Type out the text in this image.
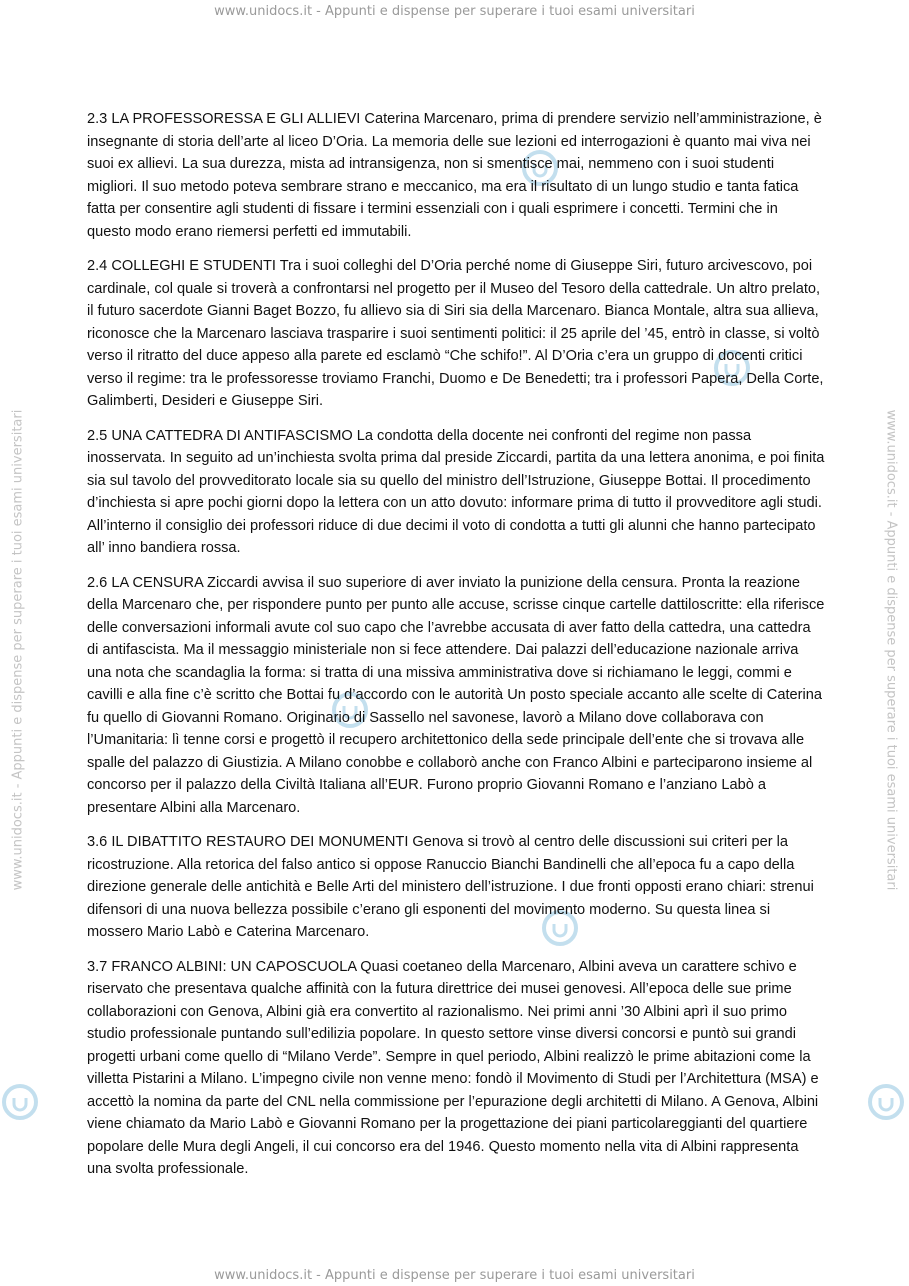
www.unidocs.it - Appunti e dispense per superare i tuoi esami universitari
www.unidocs.it - Appunti e dispense per superare i tuoi esami universitari	www.unidocs.it - Appunti e dispense per superare i tuoi esami universitari

2.3 LA PROFESSORESSA E GLI ALLIEVI Caterina Marcenaro, prima di prendere servizio nell’amministrazione, è insegnante di storia dell’arte al liceo D’Oria. La memoria delle sue lezioni ed interrogazioni è quanto mai viva nei suoi ex allievi. La sua durezza, mista ad intransigenza, non si smentisce mai, nemmeno con i suoi studenti migliori. Il suo metodo poteva sembrare strano e meccanico, ma era il risultato di un lungo studio e tanta fatica fatta per consentire agli studenti di fissare i termini essenziali con i quali esprimere i concetti. Termini che in questo modo erano riemersi perfetti ed immutabili.

2.4 COLLEGHI E STUDENTI Tra i suoi colleghi del D’Oria perché nome di Giuseppe Siri, futuro arcivescovo, poi cardinale, col quale si troverà a confrontarsi nel progetto per il Museo del Tesoro della cattedrale. Un altro prelato, il futuro sacerdote Gianni Baget Bozzo, fu allievo sia di Siri sia della Marcenaro. Bianca Montale, altra sua allieva, riconosce che la Marcenaro lasciava trasparire i suoi sentimenti politici: il 25 aprile del ’45, entrò in classe, si voltò verso il ritratto del duce appeso alla parete ed esclamò “Che schifo!”. Al D’Oria c’era un gruppo di docenti critici verso il regime: tra le professoresse troviamo Franchi, Duomo e De Benedetti; tra i professori Papera, Della Corte, Galimberti, Desideri e Giuseppe Siri.

2.5 UNA CATTEDRA DI ANTIFASCISMO La condotta della docente nei confronti del regime non passa inosservata. In seguito ad un’inchiesta svolta prima dal preside Ziccardi, partita da una lettera anonima, e poi finita sia sul tavolo del provveditorato locale sia su quello del ministro dell’Istruzione, Giuseppe Bottai. Il procedimento d’inchiesta si apre pochi giorni dopo la lettera con un atto dovuto: informare prima di tutto il provveditore agli studi. All’interno il consiglio dei professori riduce di due decimi il voto di condotta a tutti gli alunni che hanno partecipato all’ inno bandiera rossa.

2.6 LA CENSURA Ziccardi avvisa il suo superiore di aver inviato la punizione della censura. Pronta la reazione della Marcenaro che, per rispondere punto per punto alle accuse, scrisse cinque cartelle dattiloscritte: ella riferisce delle conversazioni informali avute col suo capo che l’avrebbe accusata di aver fatto della cattedra, una cattedra di antifascista. Ma il messaggio ministeriale non si fece attendere. Dai palazzi dell’educazione nazionale arriva una nota che scandaglia la forma: si tratta di una missiva amministrativa dove si richiamano le leggi, commi e cavilli e alla fine c’è scritto che Bottai fu d’accordo con le autorità Un posto speciale accanto alle scelte di Caterina fu quello di Giovanni Romano. Originario di Sassello nel savonese, lavorò a Milano dove collaborava con l’Umanitaria: lì tenne corsi e progettò il recupero architettonico della sede principale dell’ente che si trovava alle spalle del palazzo di Giustizia. A Milano conobbe e collaborò anche con Franco Albini e parteciparono insieme al concorso per il palazzo della Civiltà Italiana all’EUR. Furono proprio Giovanni Romano e l’anziano Labò a presentare Albini alla Marcenaro.

3.6 IL DIBATTITO RESTAURO DEI MONUMENTI Genova si trovò al centro delle discussioni sui criteri per la ricostruzione. Alla retorica del falso antico si oppose Ranuccio Bianchi Bandinelli che all’epoca fu a capo della direzione generale delle antichità e Belle Arti del ministero dell’istruzione. I due fronti opposti erano chiari: strenui difensori di una nuova bellezza possibile c’erano gli esponenti del movimento moderno. Su questa linea si mossero Mario Labò e Caterina Marcenaro.

3.7 FRANCO ALBINI: UN CAPOSCUOLA Quasi coetaneo della Marcenaro, Albini aveva un carattere schivo e riservato che presentava qualche affinità con la futura direttrice dei musei genovesi. All’epoca delle sue prime collaborazioni con Genova, Albini già era convertito al razionalismo. Nei primi anni ’30 Albini aprì il suo primo studio professionale puntando sull’edilizia popolare. In questo settore vinse diversi concorsi e puntò sui grandi progetti urbani come quello di “Milano Verde”. Sempre in quel periodo, Albini realizzò le prime abitazioni come la villetta Pistarini a Milano. L’impegno civile non venne meno: fondò il Movimento di Studi per l’Architettura (MSA) e accettò la nomina da parte del CNL nella commissione per l’epurazione degli architetti di Milano. A Genova, Albini viene chiamato da Mario Labò e Giovanni Romano per la progettazione dei piani particolareggianti del quartiere popolare delle Mura degli Angeli, il cui concorso era del 1946. Questo momento nella vita di Albini rappresenta una svolta professionale.

www.unidocs.it - Appunti e dispense per superare i tuoi esami universitari
